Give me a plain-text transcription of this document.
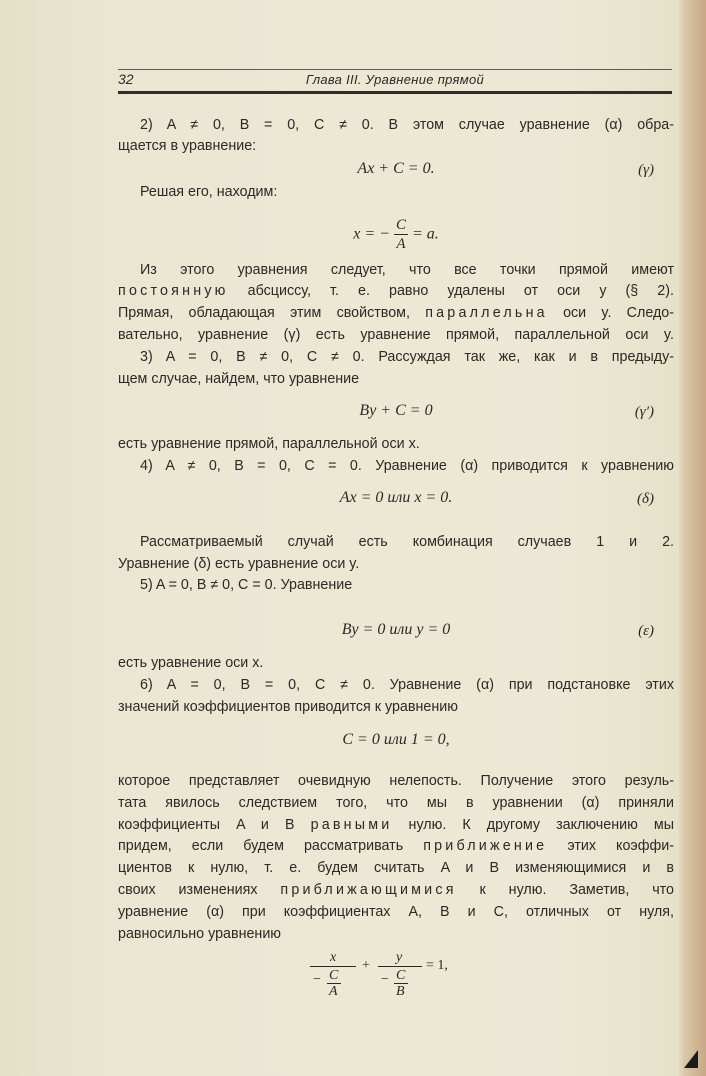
32	Глава III. Уравнение прямой
2) A ≠ 0, B = 0, C ≠ 0. В этом случае уравнение (α) обра-
щается в уравнение:
Ax + C = 0.	(γ)
Решая его, находим:
x = − $\frac{C}{A} = a$.
Из этого уравнения следует, что все точки прямой имеют
постоянную абсциссу, т. е. равно удалены от оси y (§ 2).
Прямая, обладающая этим свойством, параллельна оси y. Следо-
вательно, уравнение (γ) есть уравнение прямой, параллельной оси y.
3) A = 0, B ≠ 0, C ≠ 0. Рассуждая так же, как и в предыду-
щем случае, найдем, что уравнение
By + C = 0	(γ′)
есть уравнение прямой, параллельной оси x.
4) A ≠ 0, B = 0, C = 0. Уравнение (α) приводится к уравнению
Ax = 0 или x = 0.	(δ)
Рассматриваемый случай есть комбинация случаев 1 и 2.
Уравнение (δ) есть уравнение оси y.
5) A = 0, B ≠ 0, C = 0. Уравнение
By = 0 или y = 0	(ε)
есть уравнение оси x.
6) A = 0, B = 0, C ≠ 0. Уравнение (α) при подстановке этих
значений коэффициентов приводится к уравнению
C = 0 или 1 = 0,
которое представляет очевидную нелепость. Получение этого резуль-
тата явилось следствием того, что мы в уравнении (α) приняли
коэффициенты A и B равными нулю. К другому заключению мы
придем, если будем рассматривать приближение этих коэффи-
циентов к нулю, т. е. будем считать A и B изменяющимися и в
своих изменениях приближающимися к нулю. Заметив, что
уравнение (α) при коэффициентах A, B и C, отличных от нуля,
равносильно уравнению
x
− C
A
+
y
− C
B
= 1,
